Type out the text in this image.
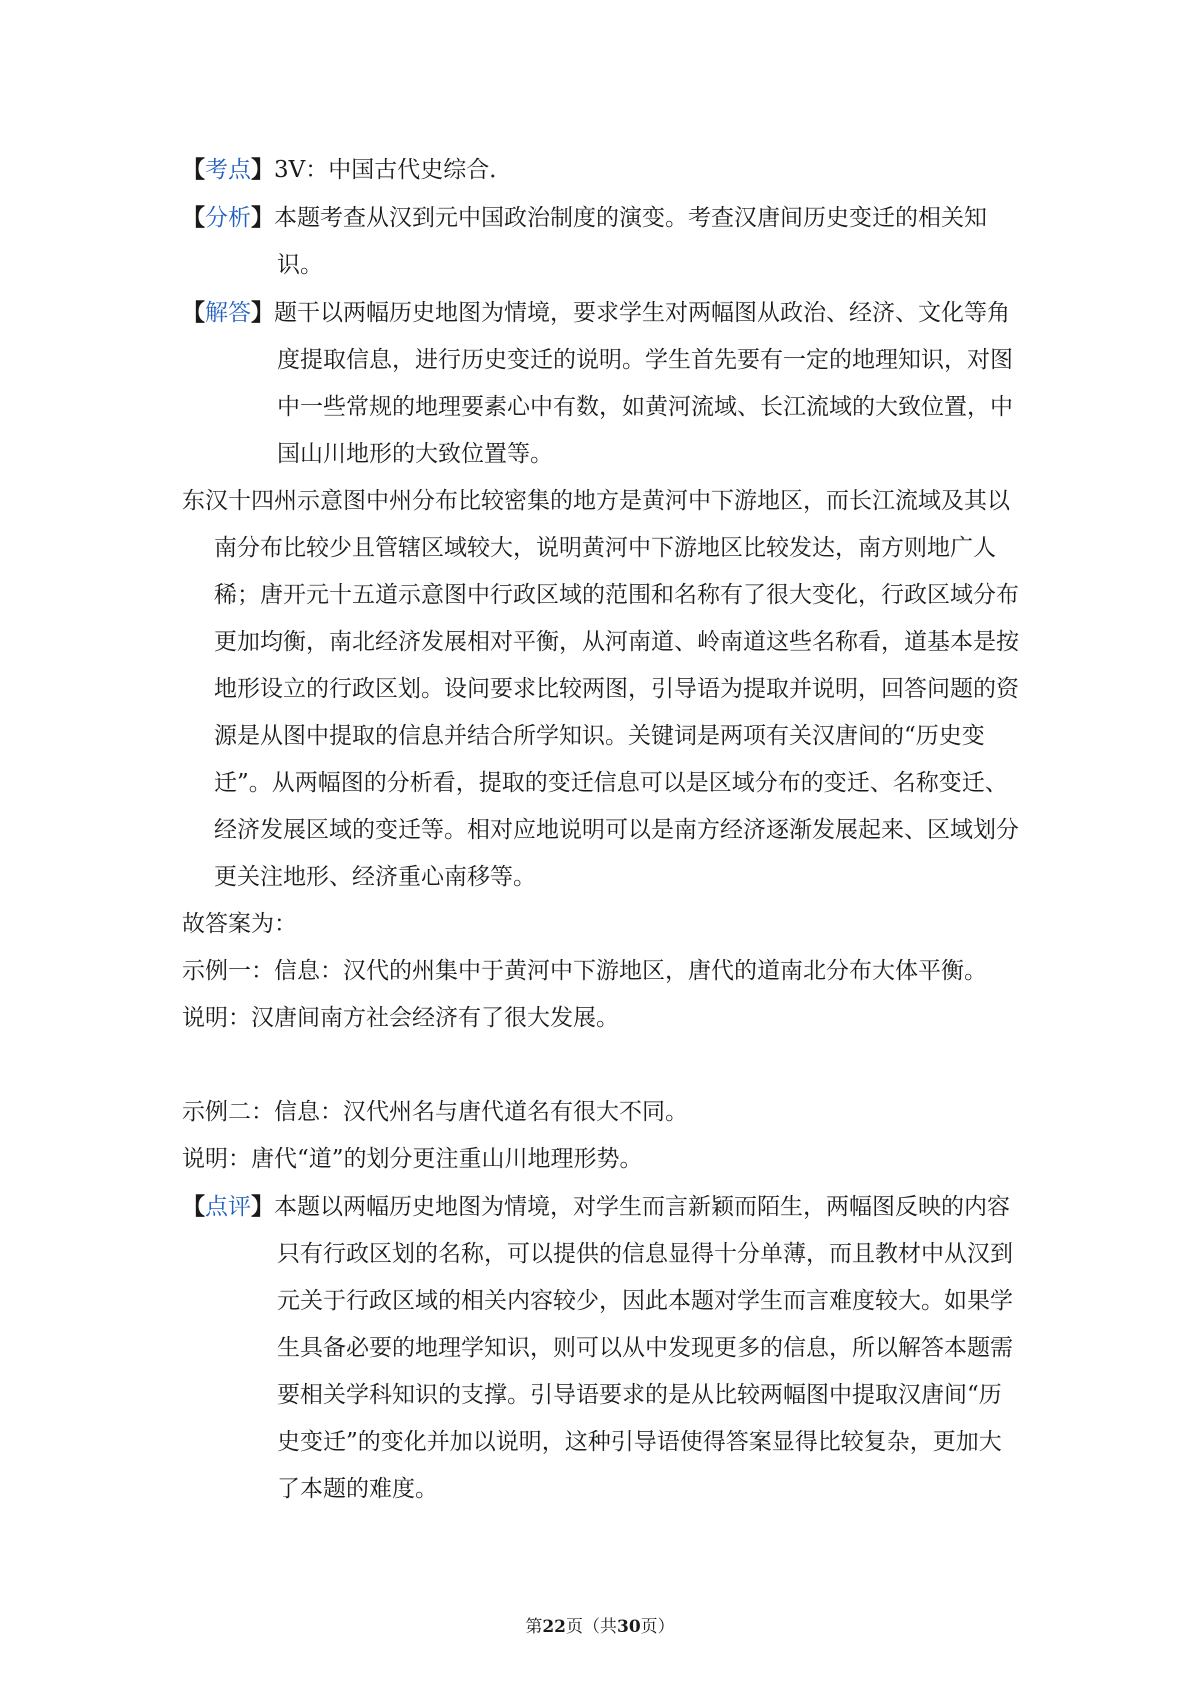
【考点】3V：中国古代史综合．

【分析】本题考查从汉到元中国政治制度的演变。考查汉唐间历史变迁的相关知识。

【解答】题干以两幅历史地图为情境，要求学生对两幅图从政治、经济、文化等角度提取信息，进行历史变迁的说明。学生首先要有一定的地理知识，对图中一些常规的地理要素心中有数，如黄河流域、长江流域的大致位置，中国山川地形的大致位置等。

东汉十四州示意图中州分布比较密集的地方是黄河中下游地区，而长江流域及其以南分布比较少且管辖区域较大，说明黄河中下游地区比较发达，南方则地广人稀；唐开元十五道示意图中行政区域的范围和名称有了很大变化，行政区域分布更加均衡，南北经济发展相对平衡，从河南道、岭南道这些名称看，道基本是按地形设立的行政区划。设问要求比较两图，引导语为提取并说明，回答问题的资源是从图中提取的信息并结合所学知识。关键词是两项有关汉唐间的“历史变迁”。从两幅图的分析看，提取的变迁信息可以是区域分布的变迁、名称变迁、经济发展区域的变迁等。相对应地说明可以是南方经济逐渐发展起来、区域划分更关注地形、经济重心南移等。

故答案为：

示例一：信息：汉代的州集中于黄河中下游地区，唐代的道南北分布大体平衡。

说明：汉唐间南方社会经济有了很大发展。

示例二：信息：汉代州名与唐代道名有很大不同。

说明：唐代“道”的划分更注重山川地理形势。

【点评】本题以两幅历史地图为情境，对学生而言新颖而陌生，两幅图反映的内容只有行政区划的名称，可以提供的信息显得十分单薄，而且教材中从汉到元关于行政区域的相关内容较少，因此本题对学生而言难度较大。如果学生具备必要的地理学知识，则可以从中发现更多的信息，所以解答本题需要相关学科知识的支撑。引导语要求的是从比较两幅图中提取汉唐间“历史变迁”的变化并加以说明，这种引导语使得答案显得比较复杂，更加大了本题的难度。

第22页（共30页）
